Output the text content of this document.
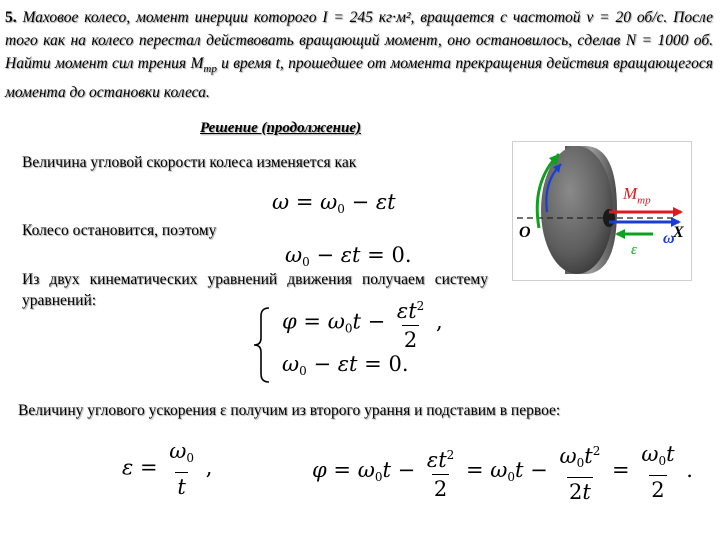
5. Маховое колесо, момент инерции которого I = 245 кг·м², вращается с частотой ν = 20 об/с. После того как на колесо перестал действовать вращающий момент, оно остановилось, сделав N = 1000 об. Найти момент сил трения $M_{тр}$ и время t, прошедшее от момента прекращения действия вращающегося момента до остановки колеса.
Решение (продолжение)
Величина угловой скорости колеса изменяется как
$\omega = \omega_0 - \varepsilon t$
Колесо остановится, поэтому
$\omega_0 - \varepsilon t = 0$.
Из двух кинематических уравнений движения получаем систему уравнений:
$\varphi = \omega_0t - \frac{\varepsilon t^2}{2}$ ,
$\omega_0 - \varepsilon t = 0$.
Величину углового ускорения ε получим из второго урання и подставим в первое:
$\varepsilon = \frac{\omega_0}{t}$ ,	$\varphi = \omega_0t - \frac{\varepsilon t^2}{2} = \omega_0t - \frac{\omega_0t^2}{2t} = \frac{\omega_0t}{2}$ .
O	X
$M_{тр}$
ω
ε
